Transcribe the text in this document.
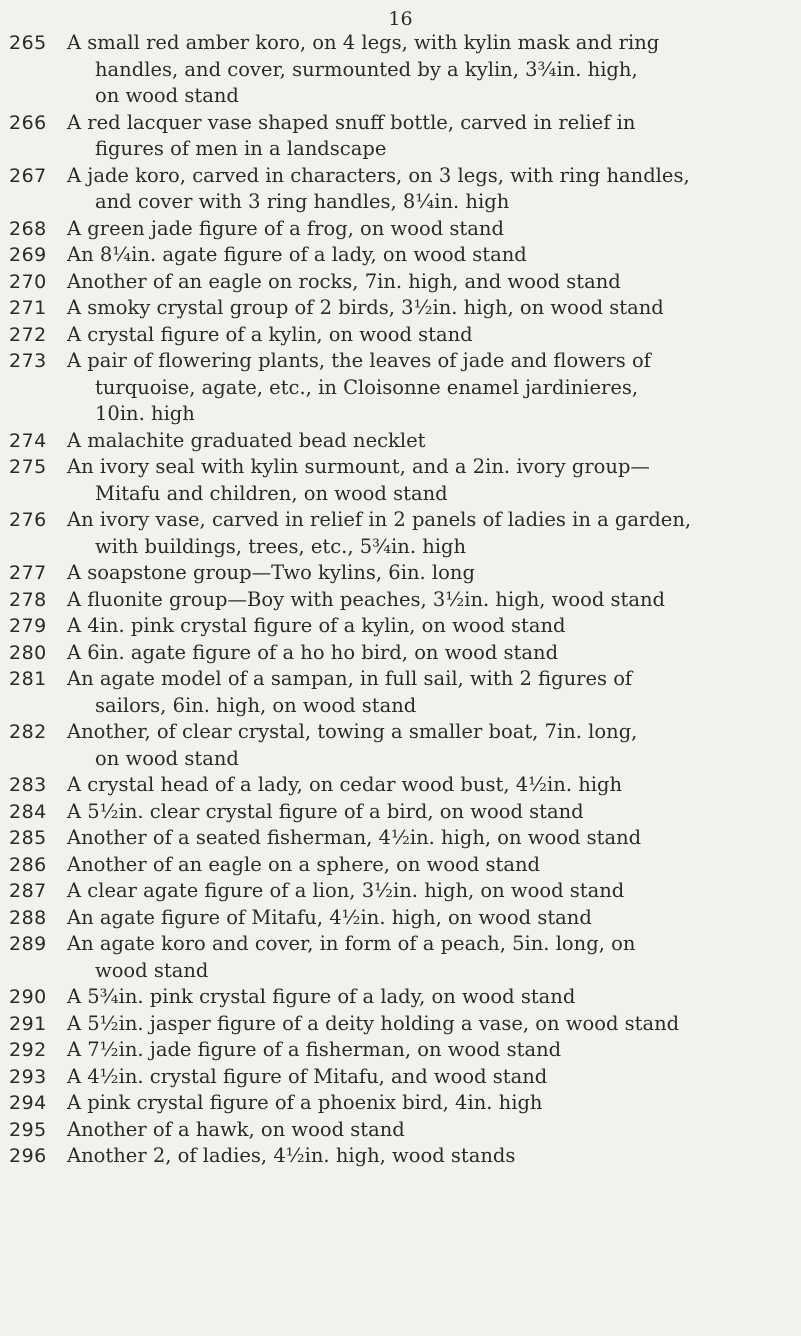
16
265	A small red amber koro, on 4 legs, with kylin mask and ring
handles, and cover, surmounted by a kylin, 3¾in. high,
on wood stand
266	A red lacquer vase shaped snuff bottle, carved in relief in
figures of men in a landscape
267	A jade koro, carved in characters, on 3 legs, with ring handles,
and cover with 3 ring handles, 8¼in. high
268	A green jade figure of a frog, on wood stand
269	An 8¼in. agate figure of a lady, on wood stand
270	Another of an eagle on rocks, 7in. high, and wood stand
271	A smoky crystal group of 2 birds, 3½in. high, on wood stand
272	A crystal figure of a kylin, on wood stand
273	A pair of flowering plants, the leaves of jade and flowers of
turquoise, agate, etc., in Cloisonne enamel jardinieres,
10in. high
274	A malachite graduated bead necklet
275	An ivory seal with kylin surmount, and a 2in. ivory group—
Mitafu and children, on wood stand
276	An ivory vase, carved in relief in 2 panels of ladies in a garden,
with buildings, trees, etc., 5¾in. high
277	A soapstone group—Two kylins, 6in. long
278	A fluonite group—Boy with peaches, 3½in. high, wood stand
279	A 4in. pink crystal figure of a kylin, on wood stand
280	A 6in. agate figure of a ho ho bird, on wood stand
281	An agate model of a sampan, in full sail, with 2 figures of
sailors, 6in. high, on wood stand
282	Another, of clear crystal, towing a smaller boat, 7in. long,
on wood stand
283	A crystal head of a lady, on cedar wood bust, 4½in. high
284	A 5½in. clear crystal figure of a bird, on wood stand
285	Another of a seated fisherman, 4½in. high, on wood stand
286	Another of an eagle on a sphere, on wood stand
287	A clear agate figure of a lion, 3½in. high, on wood stand
288	An agate figure of Mitafu, 4½in. high, on wood stand
289	An agate koro and cover, in form of a peach, 5in. long, on
wood stand
290	A 5¾in. pink crystal figure of a lady, on wood stand
291	A 5½in. jasper figure of a deity holding a vase, on wood stand
292	A 7½in. jade figure of a fisherman, on wood stand
293	A 4½in. crystal figure of Mitafu, and wood stand
294	A pink crystal figure of a phoenix bird, 4in. high
295	Another of a hawk, on wood stand
296	Another 2, of ladies, 4½in. high, wood stands
